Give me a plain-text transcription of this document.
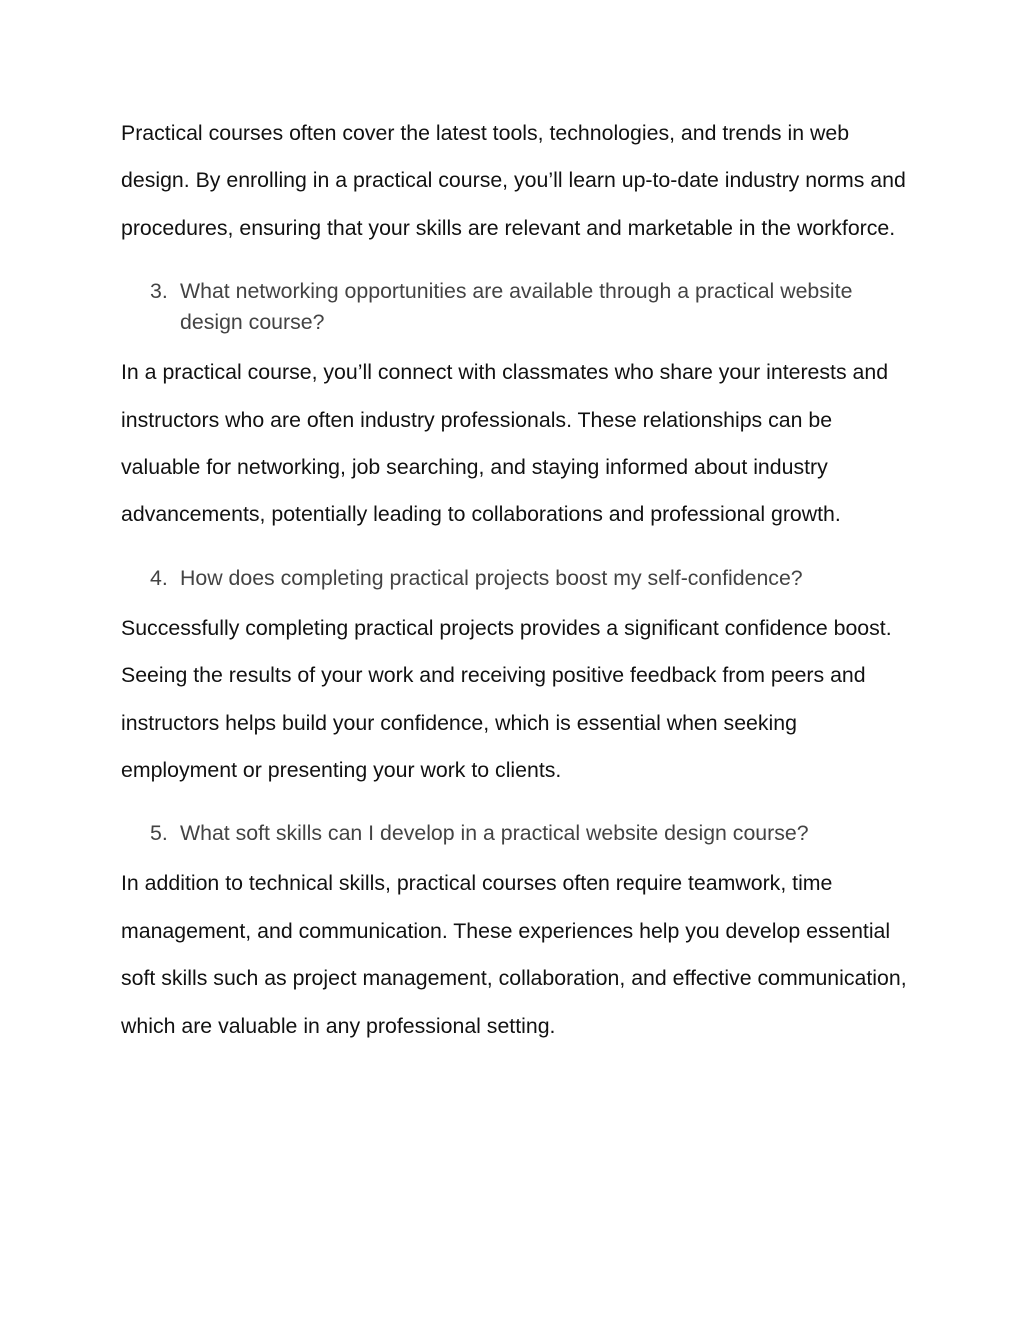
Practical courses often cover the latest tools, technologies, and trends in web design. By enrolling in a practical course, you’ll learn up-to-date industry norms and procedures, ensuring that your skills are relevant and marketable in the workforce.

3. What networking opportunities are available through a practical website design course?

In a practical course, you’ll connect with classmates who share your interests and instructors who are often industry professionals. These relationships can be valuable for networking, job searching, and staying informed about industry advancements, potentially leading to collaborations and professional growth.

4. How does completing practical projects boost my self-confidence?

Successfully completing practical projects provides a significant confidence boost. Seeing the results of your work and receiving positive feedback from peers and instructors helps build your confidence, which is essential when seeking employment or presenting your work to clients.

5. What soft skills can I develop in a practical website design course?

In addition to technical skills, practical courses often require teamwork, time management, and communication. These experiences help you develop essential soft skills such as project management, collaboration, and effective communication, which are valuable in any professional setting.
